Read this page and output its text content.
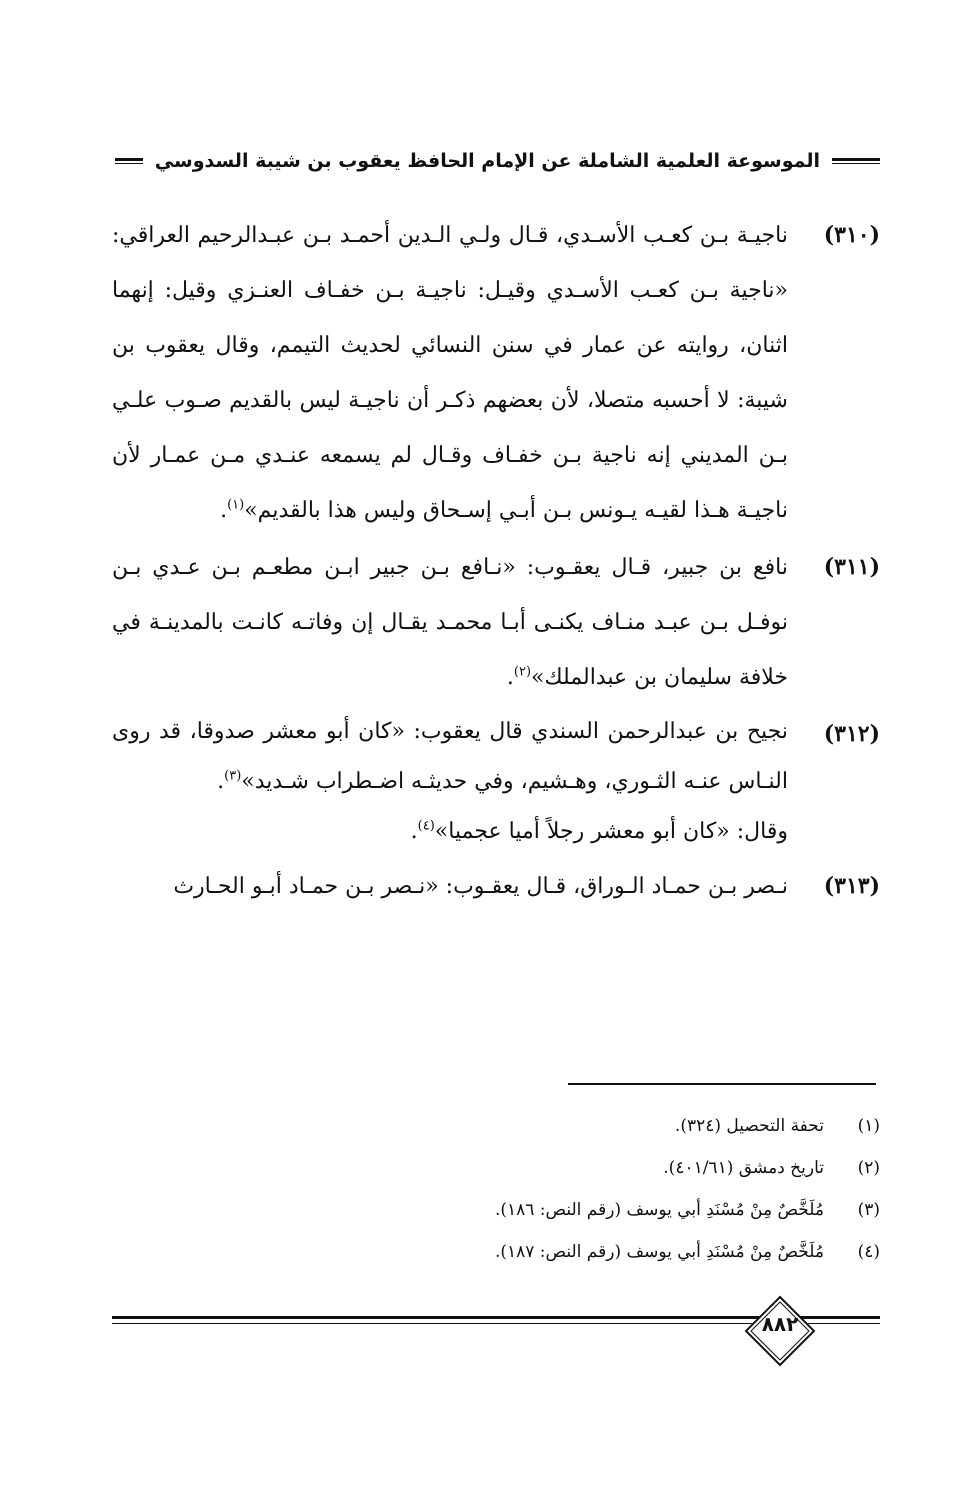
الموسوعة العلمية الشاملة عن الإمام الحافظ يعقوب بن شيبة السدوسي
(٣١٠)
ناجيـة بـن كعـب الأسـدي، قـال ولـي الـدين أحمـد بـن عبـدالرحيم العراقي: «ناجية بـن كعـب الأسـدي وقيـل: ناجيـة بـن خفـاف العنـزي وقيل: إنهما اثنان، روايته عن عمار في سنن النسائي لحديث التيمم، وقال يعقوب بن شيبة: لا أحسبه متصلا، لأن بعضهم ذكـر أن ناجيـة ليس بالقديم صـوب علـي بـن المديني إنه ناجية بـن خفـاف وقـال لم يسمعه عنـدي مـن عمـار لأن ناجيـة هـذا لقيـه يـونس بـن أبـي إسـحاق وليس هذا بالقديم»$^{(١)}$.
(٣١١)
نافع بن جبير، قـال يعقـوب: «نـافع بـن جبير ابـن مطعـم بـن عـدي بـن نوفـل بـن عبـد منـاف يكنـى أبـا محمـد يقـال إن وفاتـه كانـت بالمدينـة في خلافة سليمان بن عبدالملك»$^{(٢)}$.
(٣١٢)
نجيح بن عبدالرحمن السندي قال يعقوب: «كان أبو معشر صدوقا، قد روى النـاس عنـه الثـوري، وهـشيم، وفي حديثـه اضـطراب شـديد»$^{(٣)}$.
وقال: «كان أبو معشر رجلاً أميا عجميا»$^{(٤)}$.
(٣١٣)
نـصر بـن حمـاد الـوراق، قـال يعقـوب: «نـصر بـن حمـاد أبـو الحـارث
(١)
تحفة التحصيل (٣٢٤).
(٢)
تاريخ دمشق (٤٠١/٦١).
(٣)
مُلَخَّصٌ مِنْ مُسْنَدِ أبي يوسف (رقم النص: ١٨٦).
(٤)
مُلَخَّصٌ مِنْ مُسْنَدِ أبي يوسف (رقم النص: ١٨٧).
٨٨٢
